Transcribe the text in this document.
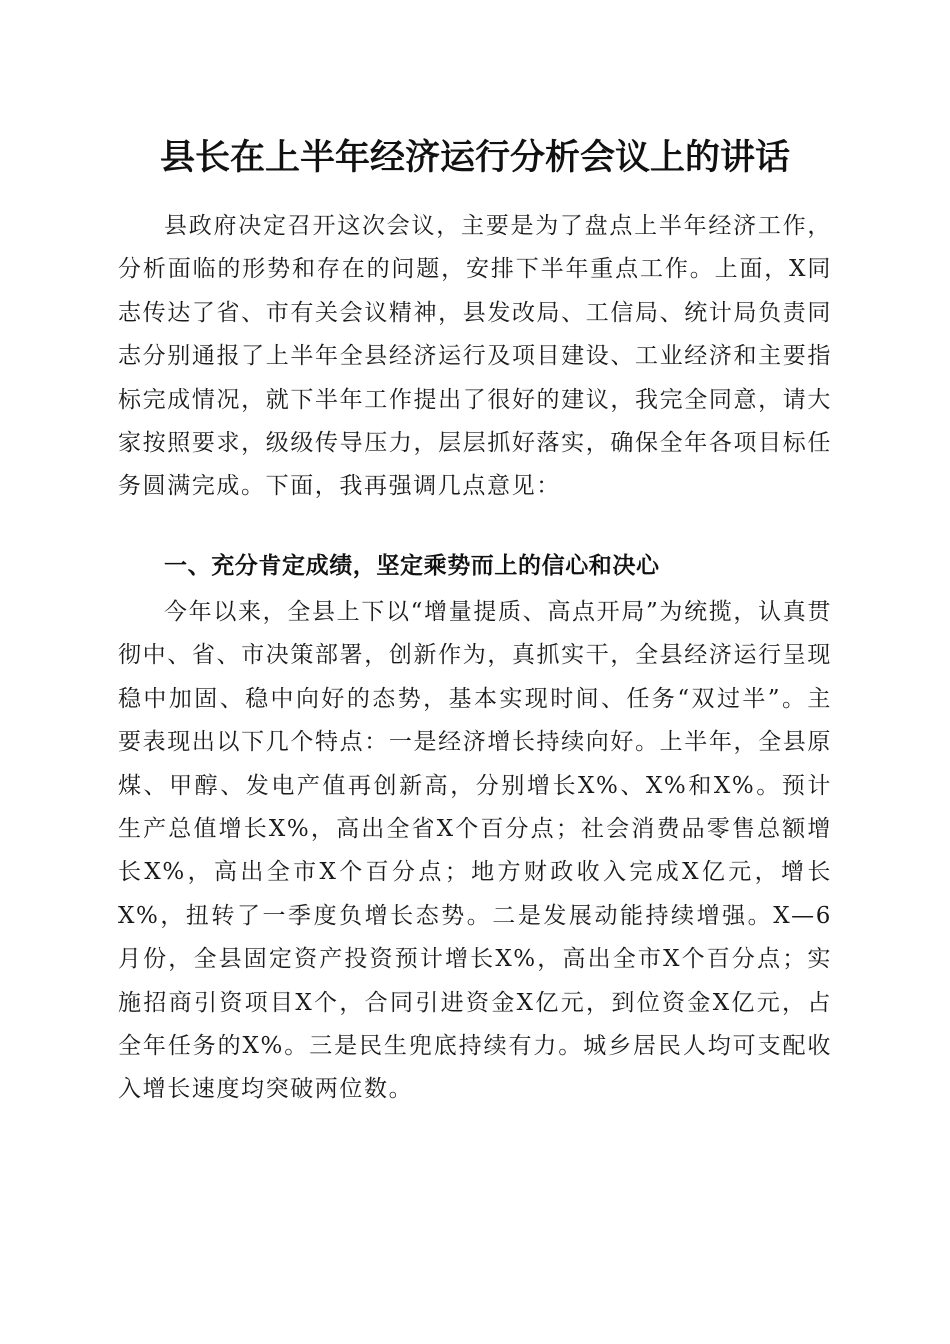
县长在上半年经济运行分析会议上的讲话

县政府决定召开这次会议，主要是为了盘点上半年经济工作，分析面临的形势和存在的问题，安排下半年重点工作。上面，X同志传达了省、市有关会议精神，县发改局、工信局、统计局负责同志分别通报了上半年全县经济运行及项目建设、工业经济和主要指标完成情况，就下半年工作提出了很好的建议，我完全同意，请大家按照要求，级级传导压力，层层抓好落实，确保全年各项目标任务圆满完成。下面，我再强调几点意见：

一、充分肯定成绩，坚定乘势而上的信心和决心

今年以来，全县上下以“增量提质、高点开局”为统揽，认真贯彻中、省、市决策部署，创新作为，真抓实干，全县经济运行呈现稳中加固、稳中向好的态势，基本实现时间、任务“双过半”。主要表现出以下几个特点：一是经济增长持续向好。上半年，全县原煤、甲醇、发电产值再创新高，分别增长X%、X%和X%。预计生产总值增长X%，高出全省X个百分点；社会消费品零售总额增长X%，高出全市X个百分点；地方财政收入完成X亿元，增长X%，扭转了一季度负增长态势。二是发展动能持续增强。X—6月份，全县固定资产投资预计增长X%，高出全市X个百分点；实施招商引资项目X个，合同引进资金X亿元，到位资金X亿元，占全年任务的X%。三是民生兜底持续有力。城乡居民人均可支配收入增长速度均突破两位数。
